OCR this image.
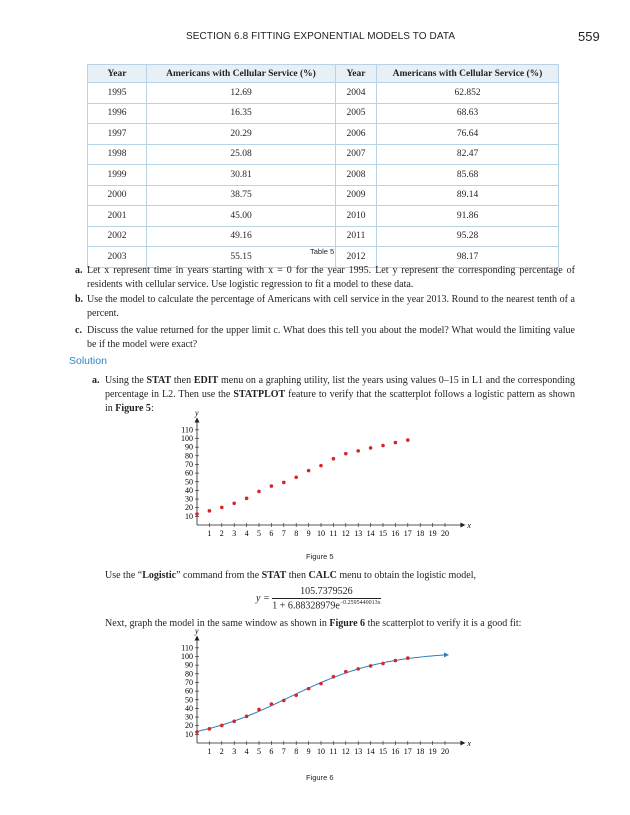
SECTION 6.8 FITTING EXPONENTIAL MODELS TO DATA	559
Year	Americans with Cellular Service (%)	Year	Americans with Cellular Service (%)
1995	12.69	2004	62.852
1996	16.35	2005	68.63
1997	20.29	2006	76.64
1998	25.08	2007	82.47
1999	30.81	2008	85.68
2000	38.75	2009	89.14
2001	45.00	2010	91.86
2002	49.16	2011	95.28
2003	55.15	2012	98.17
Table 5
a. Let x represent time in years starting with x = 0 for the year 1995. Let y represent the corresponding percentage of residents with cellular service. Use logistic regression to fit a model to these data.
b. Use the model to calculate the percentage of Americans with cell service in the year 2013. Round to the nearest tenth of a percent.
c. Discuss the value returned for the upper limit c. What does this tell you about the model? What would the limiting value be if the model were exact?
Solution
a. Using the STAT then EDIT menu on a graphing utility, list the years using values 0–15 in L1 and the corresponding percentage in L2. Then use the STATPLOT feature to verify that the scatterplot follows a logistic pattern as shown in Figure 5:
x
y
1 2 3 4 5 6 7 8 9 10 11 12 13 14 15 16 17 18 19 20
10
20
30
40
50
60
70
80
90
100
110
Figure 5
Use the “Logistic” command from the STAT then CALC menu to obtain the logistic model,
$y = \frac{105.7379526}{1 + 6.88328979e^{-0.2595440013x}}$
Next, graph the model in the same window as shown in Figure 6 the scatterplot to verify it is a good fit:
x
y
1 2 3 4 5 6 7 8 9 10 11 12 13 14 15 16 17 18 19 20
10
20
30
40
50
60
70
80
90
100
110
Figure 6
